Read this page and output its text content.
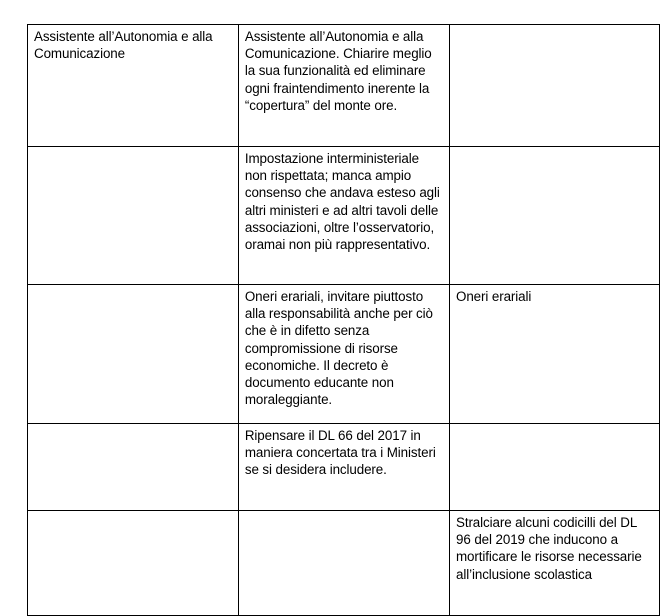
Assistente all’Autonomia e alla Comunicazione	Assistente all’Autonomia e alla Comunicazione. Chiarire meglio la sua funzionalità ed eliminare ogni fraintendimento inerente la “copertura” del monte ore.	

	Impostazione interministeriale non rispettata; manca ampio consenso che andava esteso agli altri ministeri e ad altri tavoli delle associazioni, oltre l’osservatorio, oramai non più rappresentativo.	

	Oneri erariali, invitare piuttosto alla responsabilità anche per ciò che è in difetto senza compromissione di risorse economiche. Il decreto è documento educante non moraleggiante.	Oneri erariali

	Ripensare il DL 66 del 2017 in maniera concertata tra i Ministeri se si desidera includere.	

		Stralciare alcuni codicilli del DL 96 del 2019 che inducono a mortificare le risorse necessarie all’inclusione scolastica
